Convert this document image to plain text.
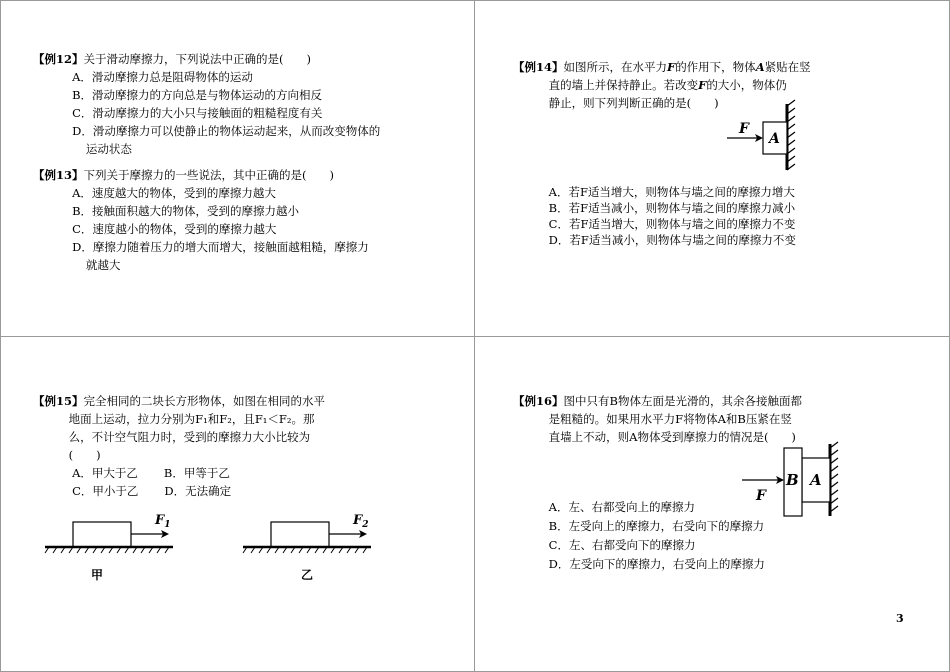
【例12】关于滑动摩擦力，下列说法中正确的是(　　)
A．滑动摩擦力总是阻碍物体的运动
B．滑动摩擦力的方向总是与物体运动的方向相反
C．滑动摩擦力的大小只与接触面的粗糙程度有关
D．滑动摩擦力可以使静止的物体运动起来，从而改变物体的运动状态
【例13】下列关于摩擦力的一些说法，其中正确的是(　　)
A．速度越大的物体，受到的摩擦力越大
B．接触面积越大的物体，受到的摩擦力越小
C．速度越小的物体，受到的摩擦力越大
D．摩擦力随着压力的增大而增大，接触面越粗糙，摩擦力就越大
【例14】如图所示，在水平力F的作用下，物体A紧贴在竖
直的墙上并保持静止。若改变F的大小，物体仍
静止，则下列判断正确的是(　　)
A．若F适当增大，则物体与墙之间的摩擦力增大
B．若F适当减小，则物体与墙之间的摩擦力减小
C．若F适当增大，则物体与墙之间的摩擦力不变
D．若F适当减小，则物体与墙之间的摩擦力不变
A
F
【例15】完全相同的二块长方形物体，如图在相同的水平
地面上运动，拉力分别为F₁和F₂，且F₁＜F₂。那
么，不计空气阻力时，受到的摩擦力大小比较为
(　　)
A．甲大于乙 B．甲等于乙
C．甲小于乙 D．无法确定
$F_1$
甲
$F_2$
乙
【例16】图中只有B物体左面是光滑的，其余各接触面都
是粗糙的。如果用水平力F将物体A和B压紧在竖
直墙上不动，则A物体受到摩擦力的情况是(　　)
A．左、右都受向上的摩擦力
B．左受向上的摩擦力，右受向下的摩擦力
C．左、右都受向下的摩擦力
D．左受向下的摩擦力，右受向上的摩擦力
A
B
F
3
